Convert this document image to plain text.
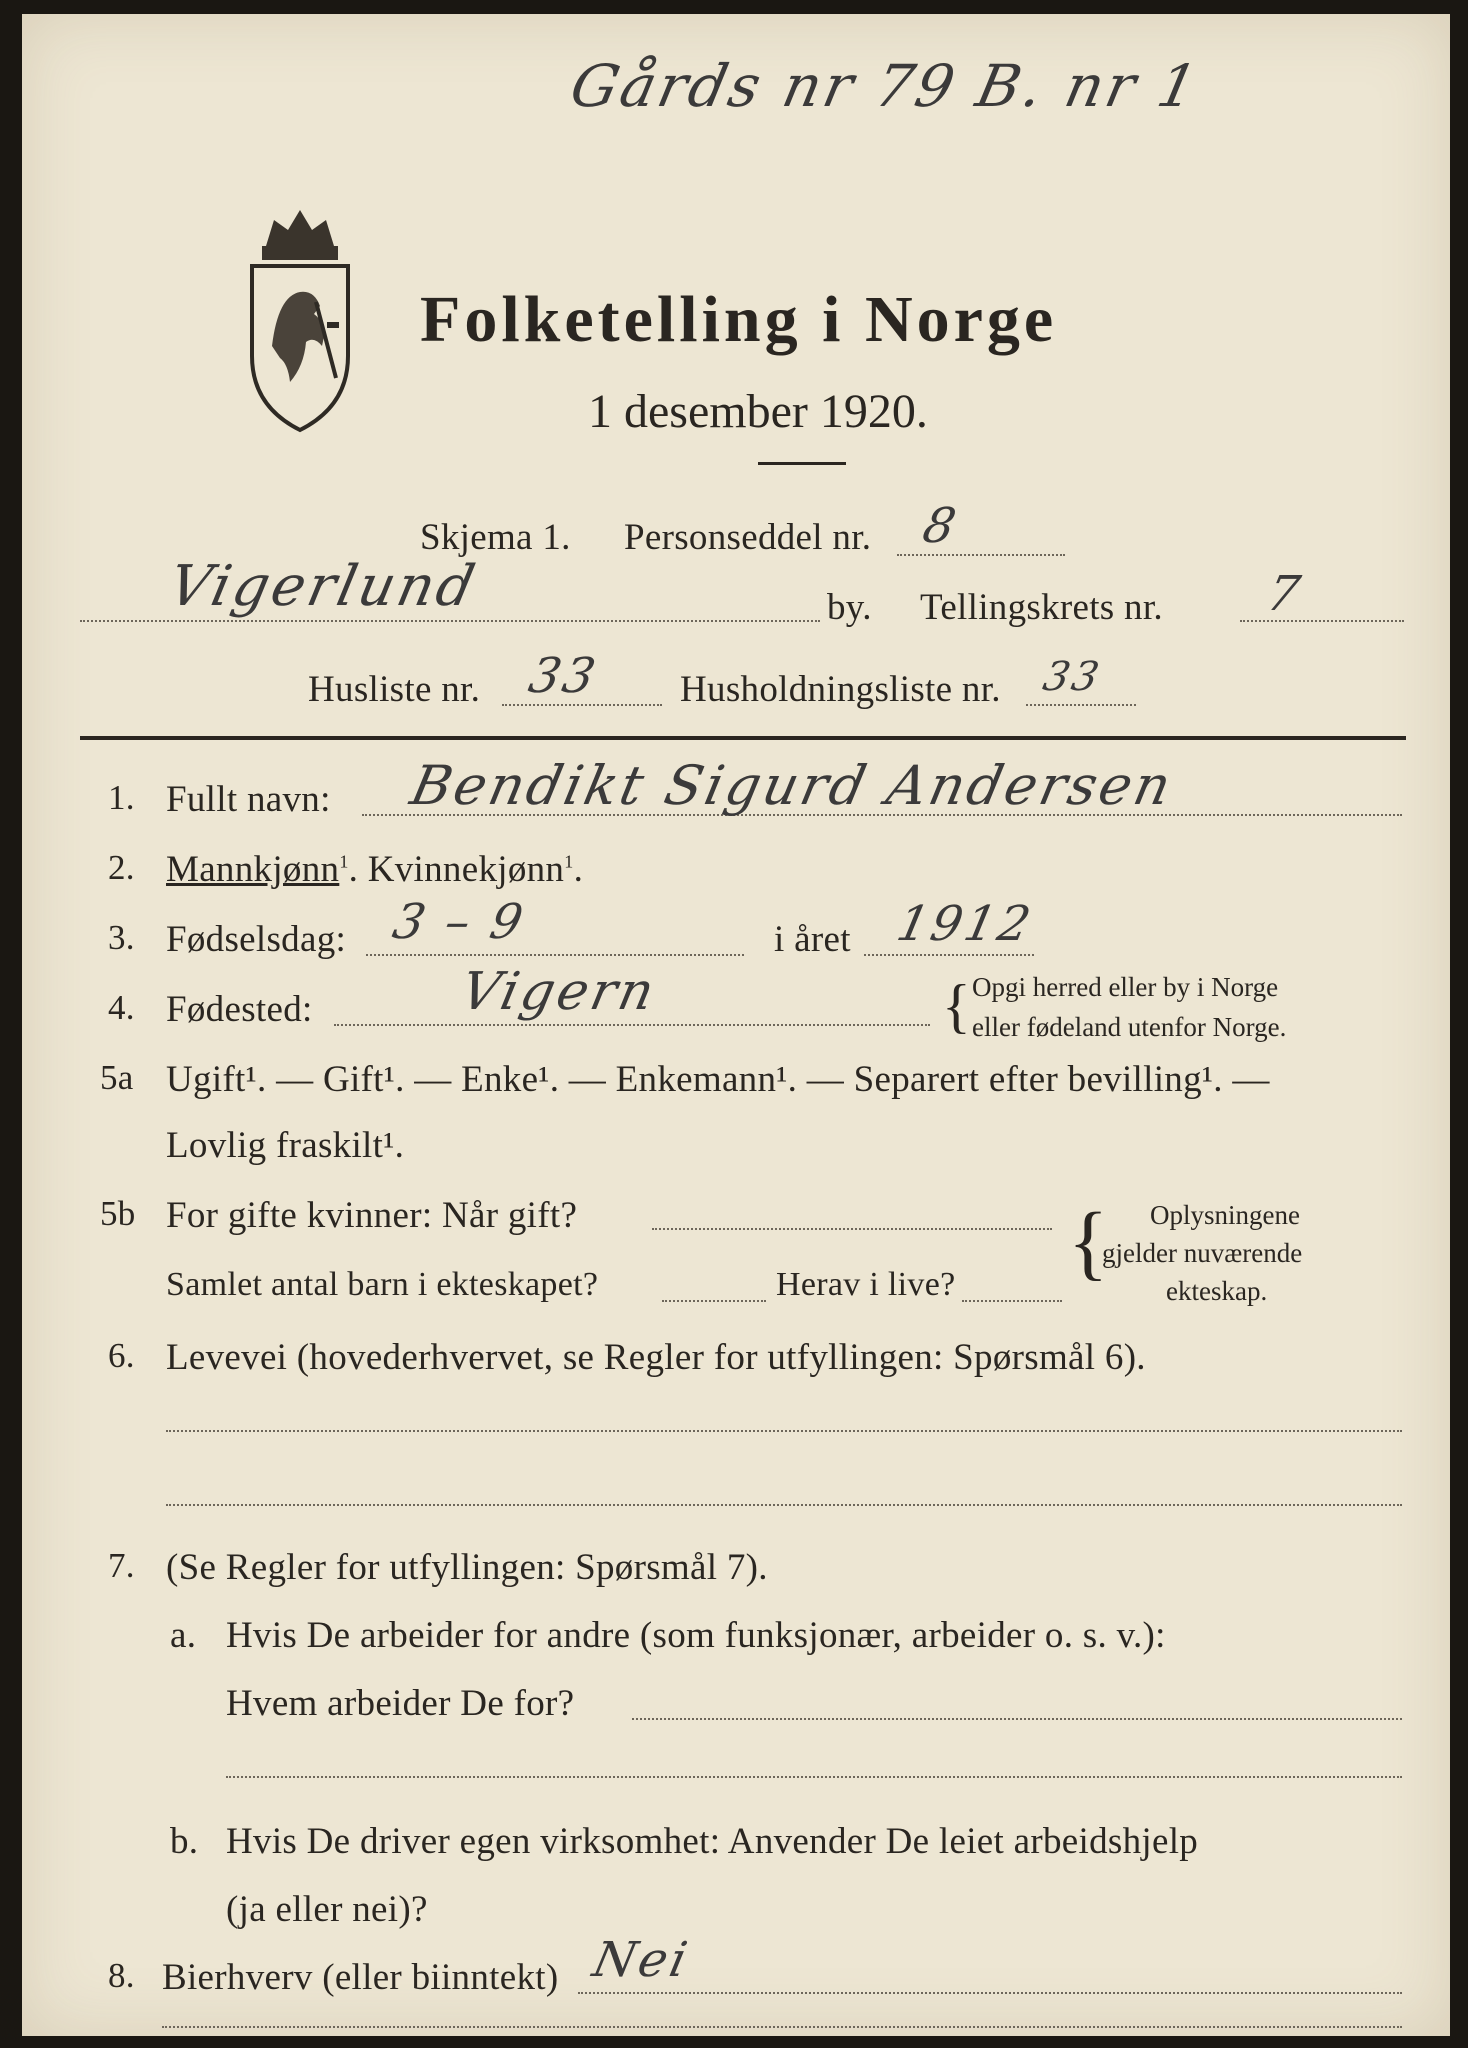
Gårds nr 79 B. nr 1
Folketelling i Norge
1 desember 1920.
Skjema 1. Personseddel nr. 8
Vigerlund	by. Tellingskrets nr. 7
Husliste nr. 33 Husholdningsliste nr. 33
1. Fullt navn: Bendikt Sigurd Andersen
2. Mannkjønn$^1$. Kvinnekjønn$^1$.
3. Fødselsdag: 3 – 9	i året 1912
4. Fødested:	Vigern	{ Opgi herred eller by i Norge
eller fødeland utenfor Norge.
5a Ugift¹. — Gift¹. — Enke¹. — Enkemann¹. — Separert efter bevilling¹. —
Lovlig fraskilt¹.
5b For gifte kvinner: Når gift?
Samlet antal barn i ekteskapet?	Herav i live? { Oplysningene
gjelder nuværende
ekteskap.
6. Levevei (hovederhvervet, se Regler for utfyllingen: Spørsmål 6).
7. (Se Regler for utfyllingen: Spørsmål 7).
a. Hvis De arbeider for andre (som funksjonær, arbeider o. s. v.):
Hvem arbeider De for?
b. Hvis De driver egen virksomhet: Anvender De leiet arbeidshjelp
(ja eller nei)?
8. Bierhverv (eller biinntekt) Nei
